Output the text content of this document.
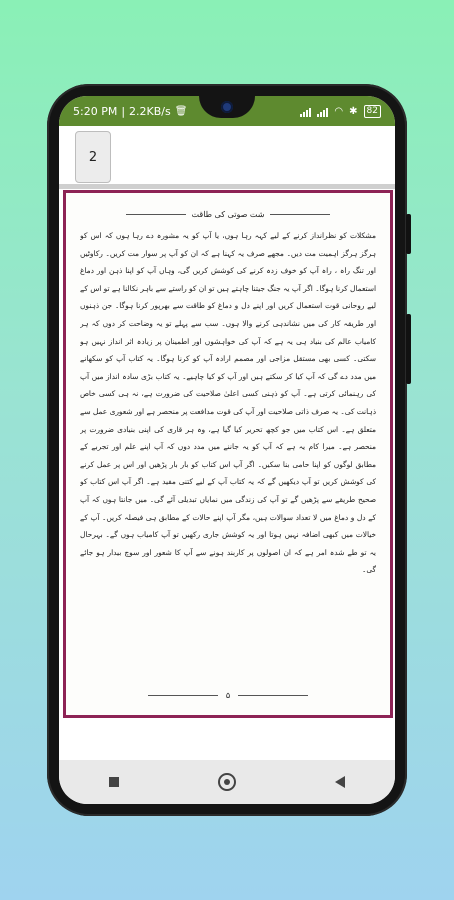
5:20 PM | 2.2KB/s 🗑	◠ ✱	82
2
شت صوتی کی طاقت
مشکلات کو نظرانداز کرنے کے لیے کہہ رہا ہوں، یا آپ کو یہ مشورہ دے رہا ہوں کہ اس کو ہرگز ہرگز اہمیت مت دیں۔ مجھے صرف یہ کہنا ہے کہ ان کو آپ پر سوار مت کریں۔ رکاوٹیں اور تنگ راہ ، راہ آپ کو خوف زدہ کرنے کی کوشش کریں گی، وہاں آپ کو اپنا ذہن اور دماغ استعمال کرنا ہوگا۔ اگر آپ یہ جنگ جیتنا چاہتے ہیں تو ان کو راستے سے باہر نکالنا ہے تو اس کے لیے روحانی قوت استعمال کریں اور اپنے دل و دماغ کو طاقت سے بھرپور کرنا ہوگا۔ جن ذہنوں اور طریقہ کار کی میں نشاندہی کرنے والا ہوں۔ سب سے پہلے تو یہ وضاحت کر دوں کہ ہر کامیاب عالم کی بنیاد ہی یہ ہے کہ آپ کی خواہشوں اور اطمینان پر زیادہ اثر انداز نہیں ہو سکتی۔ کسی بھی مستقل مزاجی اور مصمم ارادہ آپ کو کرنا ہوگا۔ یہ کتاب آپ کو سکھانے میں مدد دے گی کہ آپ کیا کر سکتے ہیں اور آپ کو کیا چاہیے۔ یہ کتاب بڑی سادہ انداز میں آپ کی رہنمائی کرتی ہے۔ آپ کو ذہنی کسی اعلیٰ صلاحیت کی ضرورت ہے، نہ ہی کسی خاص ذہانت کی۔ یہ صرف ذاتی صلاحیت اور آپ کی قوت مدافعت پر منحصر ہے اور شعوری عمل سے متعلق ہے۔ اس کتاب میں جو کچھ تحریر کیا گیا ہے، وہ ہر قاری کی اپنی بنیادی ضرورت پر منحصر ہے۔ میرا کام یہ ہے کہ آپ کو یہ جاننے میں مدد دوں کہ آپ اپنے علم اور تجربے کے مطابق لوگوں کو اپنا حامی بنا سکیں۔ اگر آپ اس کتاب کو بار بار پڑھیں اور اس پر عمل کرنے کی کوشش کریں تو آپ دیکھیں گے کہ یہ کتاب آپ کے لیے کتنی مفید ہے۔ اگر آپ اس کتاب کو صحیح طریقے سے پڑھیں گے تو آپ کی زندگی میں نمایاں تبدیلی آئے گی۔ میں جانتا ہوں کہ آپ کے دل و دماغ میں لا تعداد سوالات ہیں، مگر آپ اپنے حالات کے مطابق ہی فیصلہ کریں۔ آپ کے خیالات میں کبھی اضافہ نہیں ہوتا اور یہ کوشش جاری رکھیں تو آپ کامیاب ہوں گے۔ بہرحال یہ تو طے شدہ امر ہے کہ ان اصولوں پر کاربند ہونے سے آپ کا شعور اور سوچ بیدار ہو جائے گی۔
۵
